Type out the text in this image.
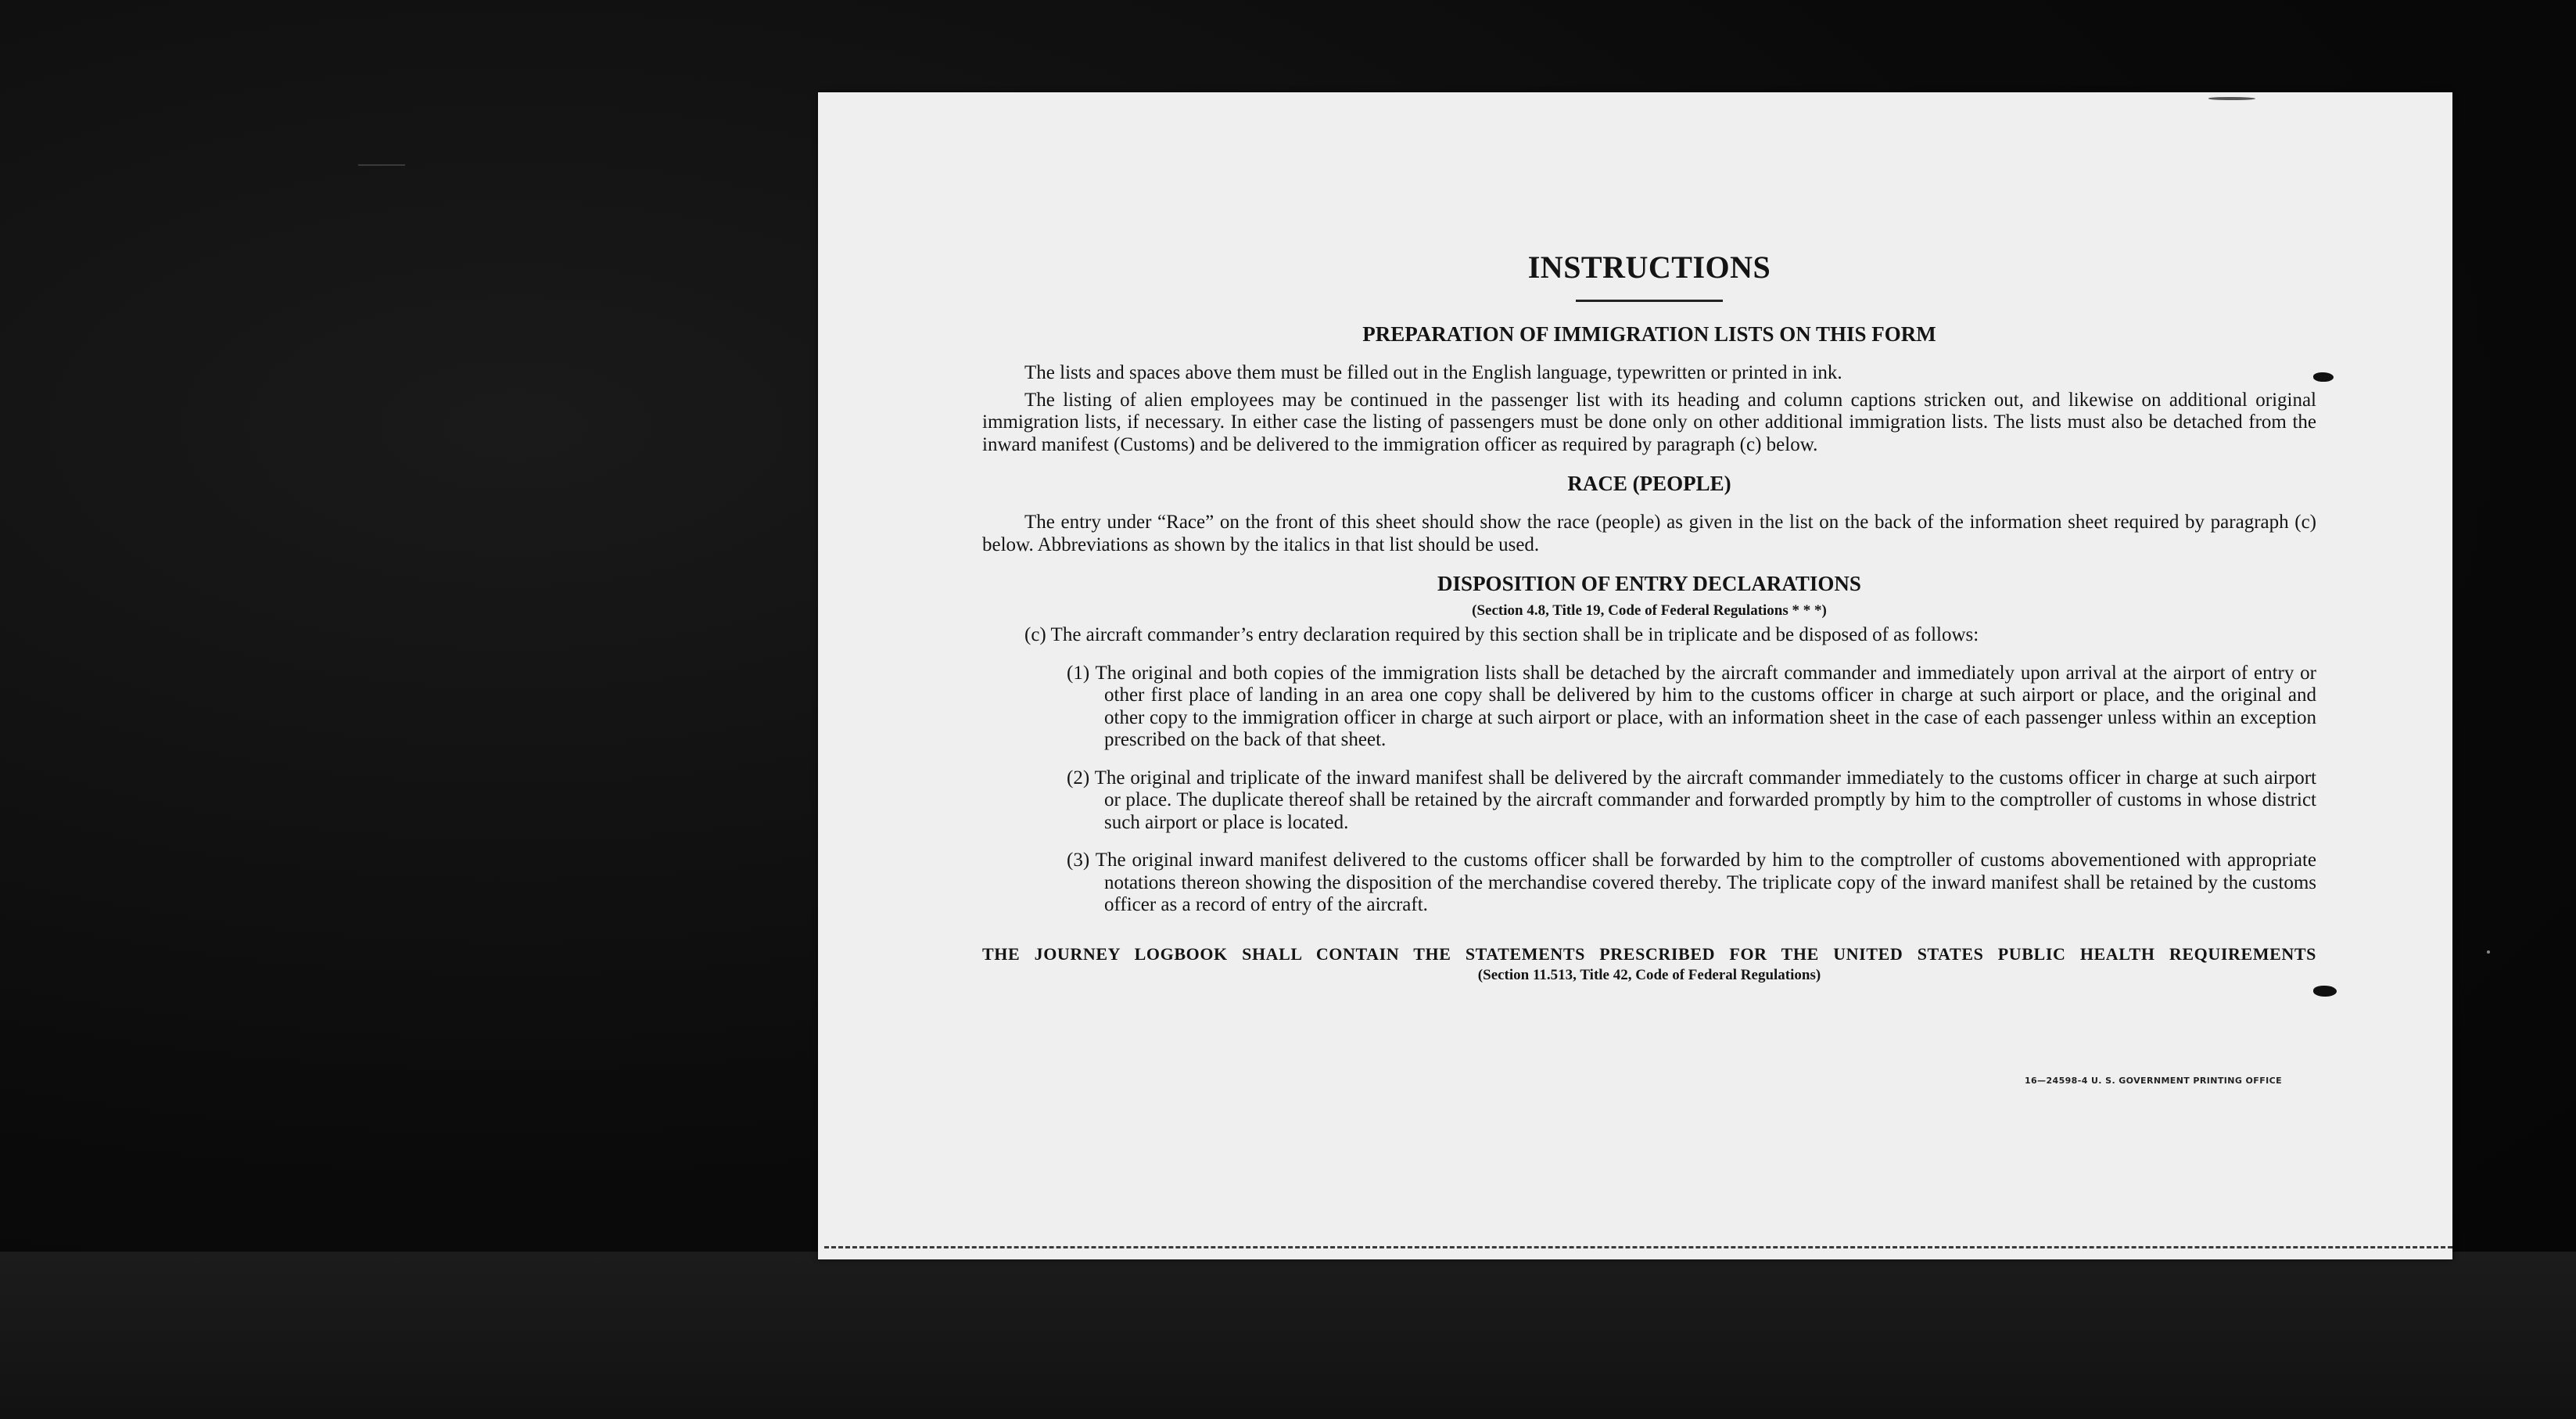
INSTRUCTIONS
PREPARATION OF IMMIGRATION LISTS ON THIS FORM

The lists and spaces above them must be filled out in the English language, typewritten or printed in ink.

The listing of alien employees may be continued in the passenger list with its heading and column captions stricken out, and likewise on additional original immigration lists, if necessary. In either case the listing of passengers must be done only on other additional immigration lists. The lists must also be detached from the inward manifest (Customs) and be delivered to the immigration officer as required by paragraph (c) below.

RACE (PEOPLE)

The entry under “Race” on the front of this sheet should show the race (people) as given in the list on the back of the information sheet required by paragraph (c) below. Abbreviations as shown by the italics in that list should be used.

DISPOSITION OF ENTRY DECLARATIONS
(Section 4.8, Title 19, Code of Federal Regulations * * *)

(c) The aircraft commander’s entry declaration required by this section shall be in triplicate and be disposed of as follows:

(1) The original and both copies of the immigration lists shall be detached by the aircraft commander and immediately upon arrival at the airport of entry or other first place of landing in an area one copy shall be delivered by him to the customs officer in charge at such airport or place, and the original and other copy to the immigration officer in charge at such airport or place, with an information sheet in the case of each passenger unless within an exception prescribed on the back of that sheet.

(2) The original and triplicate of the inward manifest shall be delivered by the aircraft commander immediately to the customs officer in charge at such airport or place. The duplicate thereof shall be retained by the aircraft commander and forwarded promptly by him to the comptroller of customs in whose district such airport or place is located.

(3) The original inward manifest delivered to the customs officer shall be forwarded by him to the comptroller of customs abovementioned with appropriate notations thereon showing the disposition of the merchandise covered thereby. The triplicate copy of the inward manifest shall be retained by the customs officer as a record of entry of the aircraft.

THE JOURNEY LOGBOOK SHALL CONTAIN THE STATEMENTS PRESCRIBED FOR THE UNITED STATES PUBLIC HEALTH REQUIREMENTS

(Section 11.513, Title 42, Code of Federal Regulations)
16—24598-4 U. S. GOVERNMENT PRINTING OFFICE
